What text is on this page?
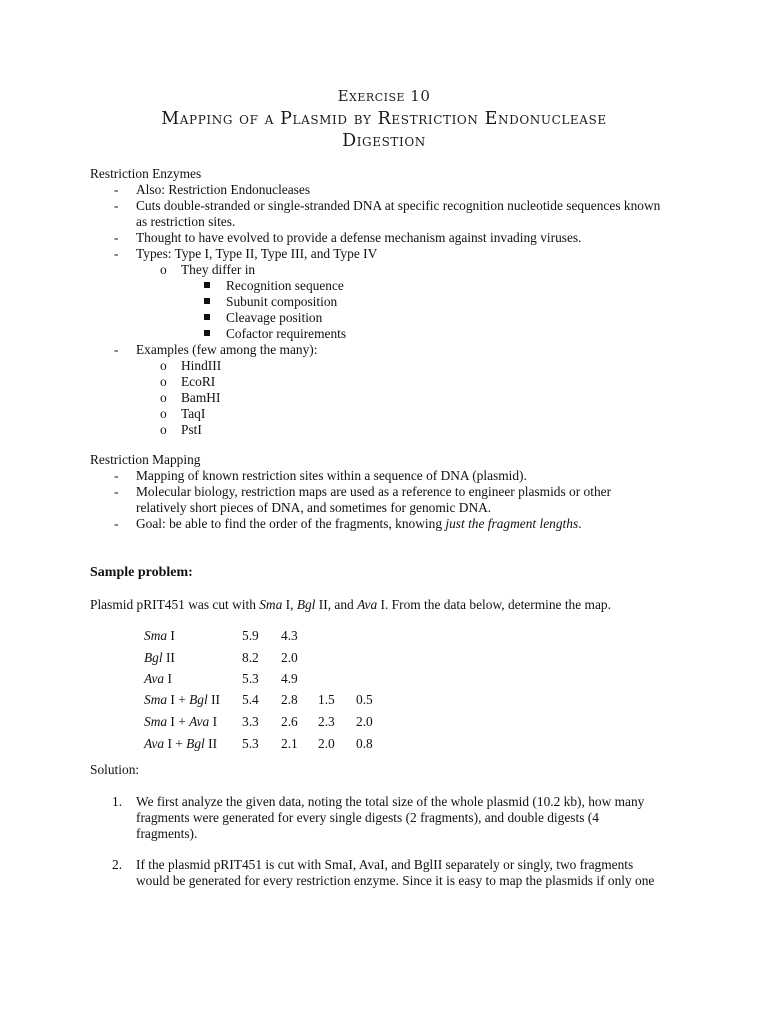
Exercise 10
Mapping of a Plasmid by Restriction Endonuclease
Digestion
Restriction Enzymes
-	Also: Restriction Endonucleases
-	Cuts double-stranded or single-stranded DNA at specific recognition nucleotide sequences known
as restriction sites.
-	Thought to have evolved to provide a defense mechanism against invading viruses.
-	Types: Type I, Type II, Type III, and Type IV
o They differ in
Recognition sequence
Subunit composition
Cleavage position
Cofactor requirements
-	Examples (few among the many):
o HindIII
o EcoRI
o BamHI
o TaqI
o PstI
Restriction Mapping
-	Mapping of known restriction sites within a sequence of DNA (plasmid).
-	Molecular biology, restriction maps are used as a reference to engineer plasmids or other
relatively short pieces of DNA, and sometimes for genomic DNA.
-	Goal: be able to find the order of the fragments, knowing just the fragment lengths.
Sample problem:
Plasmid pRIT451 was cut with Sma I, Bgl II, and Ava I. From the data below, determine the map.
Sma I	5.9 4.3
Bgl II	8.2 2.0
Ava I	5.3 4.9
Sma I + Bgl II 5.4 2.8 1.5 0.5
Sma I + Ava I 3.3 2.6 2.3 2.0
Ava I + Bgl II 5.3 2.1 2.0 0.8
Solution:
1. We first analyze the given data, noting the total size of the whole plasmid (10.2 kb), how many
fragments were generated for every single digests (2 fragments), and double digests (4
fragments).
2. If the plasmid pRIT451 is cut with SmaI, AvaI, and BglII separately or singly, two fragments
would be generated for every restriction enzyme. Since it is easy to map the plasmids if only one
